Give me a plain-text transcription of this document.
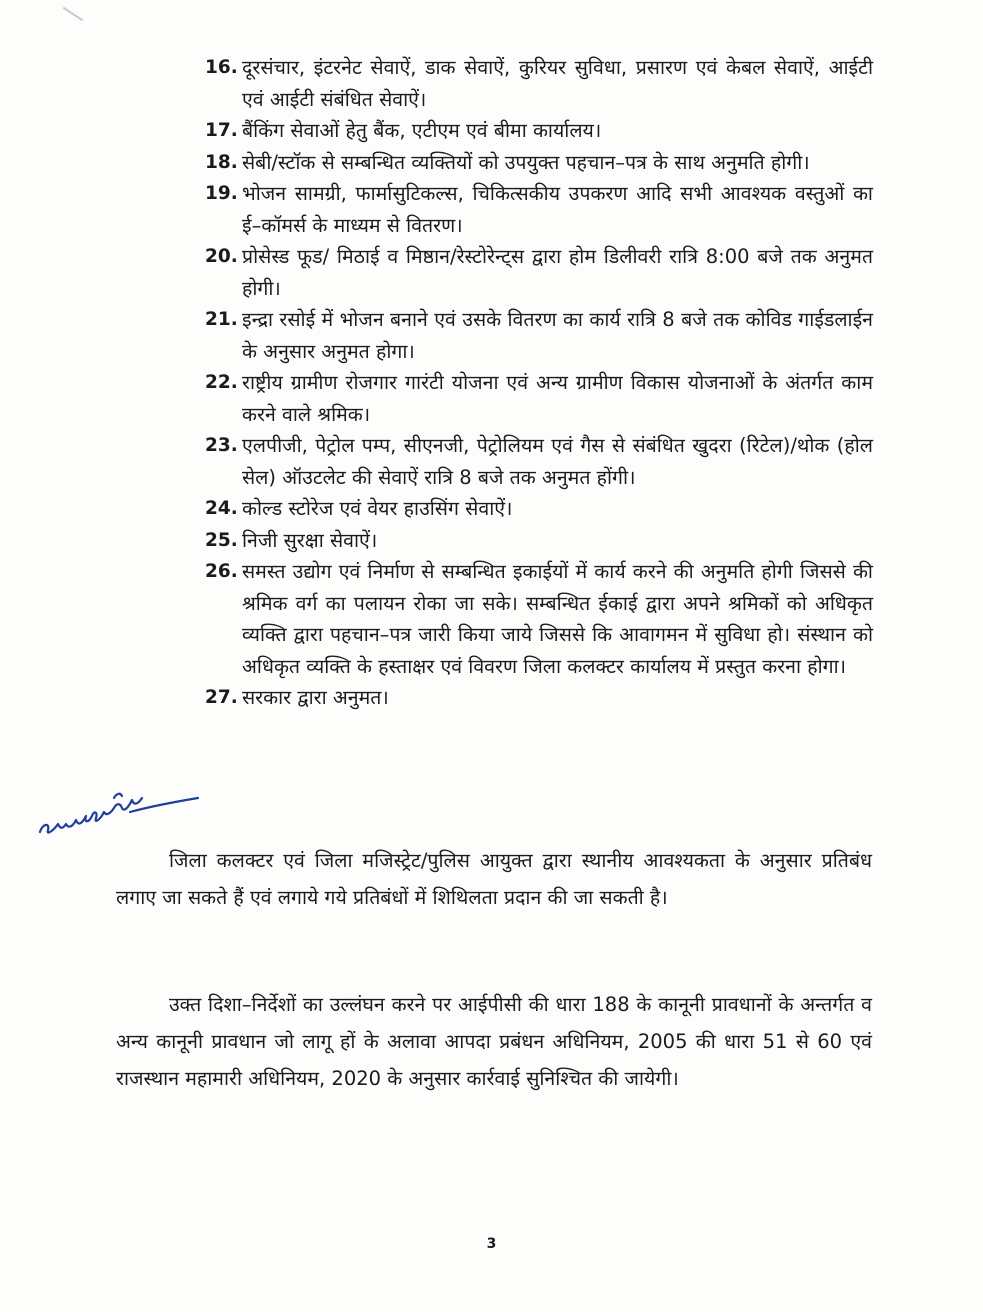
16. दूरसंचार, इंटरनेट सेवाऐं, डाक सेवाऐं, कुरियर सुविधा, प्रसारण एवं केबल सेवाऐं, आईटी एवं आईटी संबंधित सेवाऐं।
17. बैंकिंग सेवाओं हेतु बैंक, एटीएम एवं बीमा कार्यालय।
18. सेबी/स्टॉक से सम्बन्धित व्यक्तियों को उपयुक्त पहचान–पत्र के साथ अनुमति होगी।
19. भोजन सामग्री, फार्मासुटिकल्स, चिकित्सकीय उपकरण आदि सभी आवश्यक वस्तुओं का ई–कॉमर्स के माध्यम से वितरण।
20. प्रोसेस्ड फूड/ मिठाई व मिष्ठान/रेस्टोरेन्ट्स द्वारा होम डिलीवरी रात्रि 8:00 बजे तक अनुमत होगी।
21. इन्द्रा रसोई में भोजन बनाने एवं उसके वितरण का कार्य रात्रि 8 बजे तक कोविड गाईडलाईन के अनुसार अनुमत होगा।
22. राष्ट्रीय ग्रामीण रोजगार गारंटी योजना एवं अन्य ग्रामीण विकास योजनाओं के अंतर्गत काम करने वाले श्रमिक।
23. एलपीजी, पेट्रोल पम्प, सीएनजी, पेट्रोलियम एवं गैस से संबंधित खुदरा (रिटेल)/थोक (होल सेल) ऑउटलेट की सेवाऐं रात्रि 8 बजे तक अनुमत होंगी।
24. कोल्ड स्टोरेज एवं वेयर हाउसिंग सेवाऐं।
25. निजी सुरक्षा सेवाऐं।
26. समस्त उद्योग एवं निर्माण से सम्बन्धित इकाईयों में कार्य करने की अनुमति होगी जिससे की श्रमिक वर्ग का पलायन रोका जा सके। सम्बन्धित ईकाई द्वारा अपने श्रमिकों को अधिकृत व्यक्ति द्वारा पहचान–पत्र जारी किया जाये जिससे कि आवागमन में सुविधा हो। संस्थान को अधिकृत व्यक्ति के हस्ताक्षर एवं विवरण जिला कलक्टर कार्यालय में प्रस्तुत करना होगा।
27. सरकार द्वारा अनुमत।

जिला कलक्टर एवं जिला मजिस्ट्रेट/पुलिस आयुक्त द्वारा स्थानीय आवश्यकता के अनुसार प्रतिबंध लगाए जा सकते हैं एवं लगाये गये प्रतिबंधों में शिथिलता प्रदान की जा सकती है।

उक्त दिशा–निर्देशों का उल्लंघन करने पर आईपीसी की धारा 188 के कानूनी प्रावधानों के अन्तर्गत व अन्य कानूनी प्रावधान जो लागू हों के अलावा आपदा प्रबंधन अधिनियम, 2005 की धारा 51 से 60 एवं राजस्थान महामारी अधिनियम, 2020 के अनुसार कार्रवाई सुनिश्चित की जायेगी।

3
